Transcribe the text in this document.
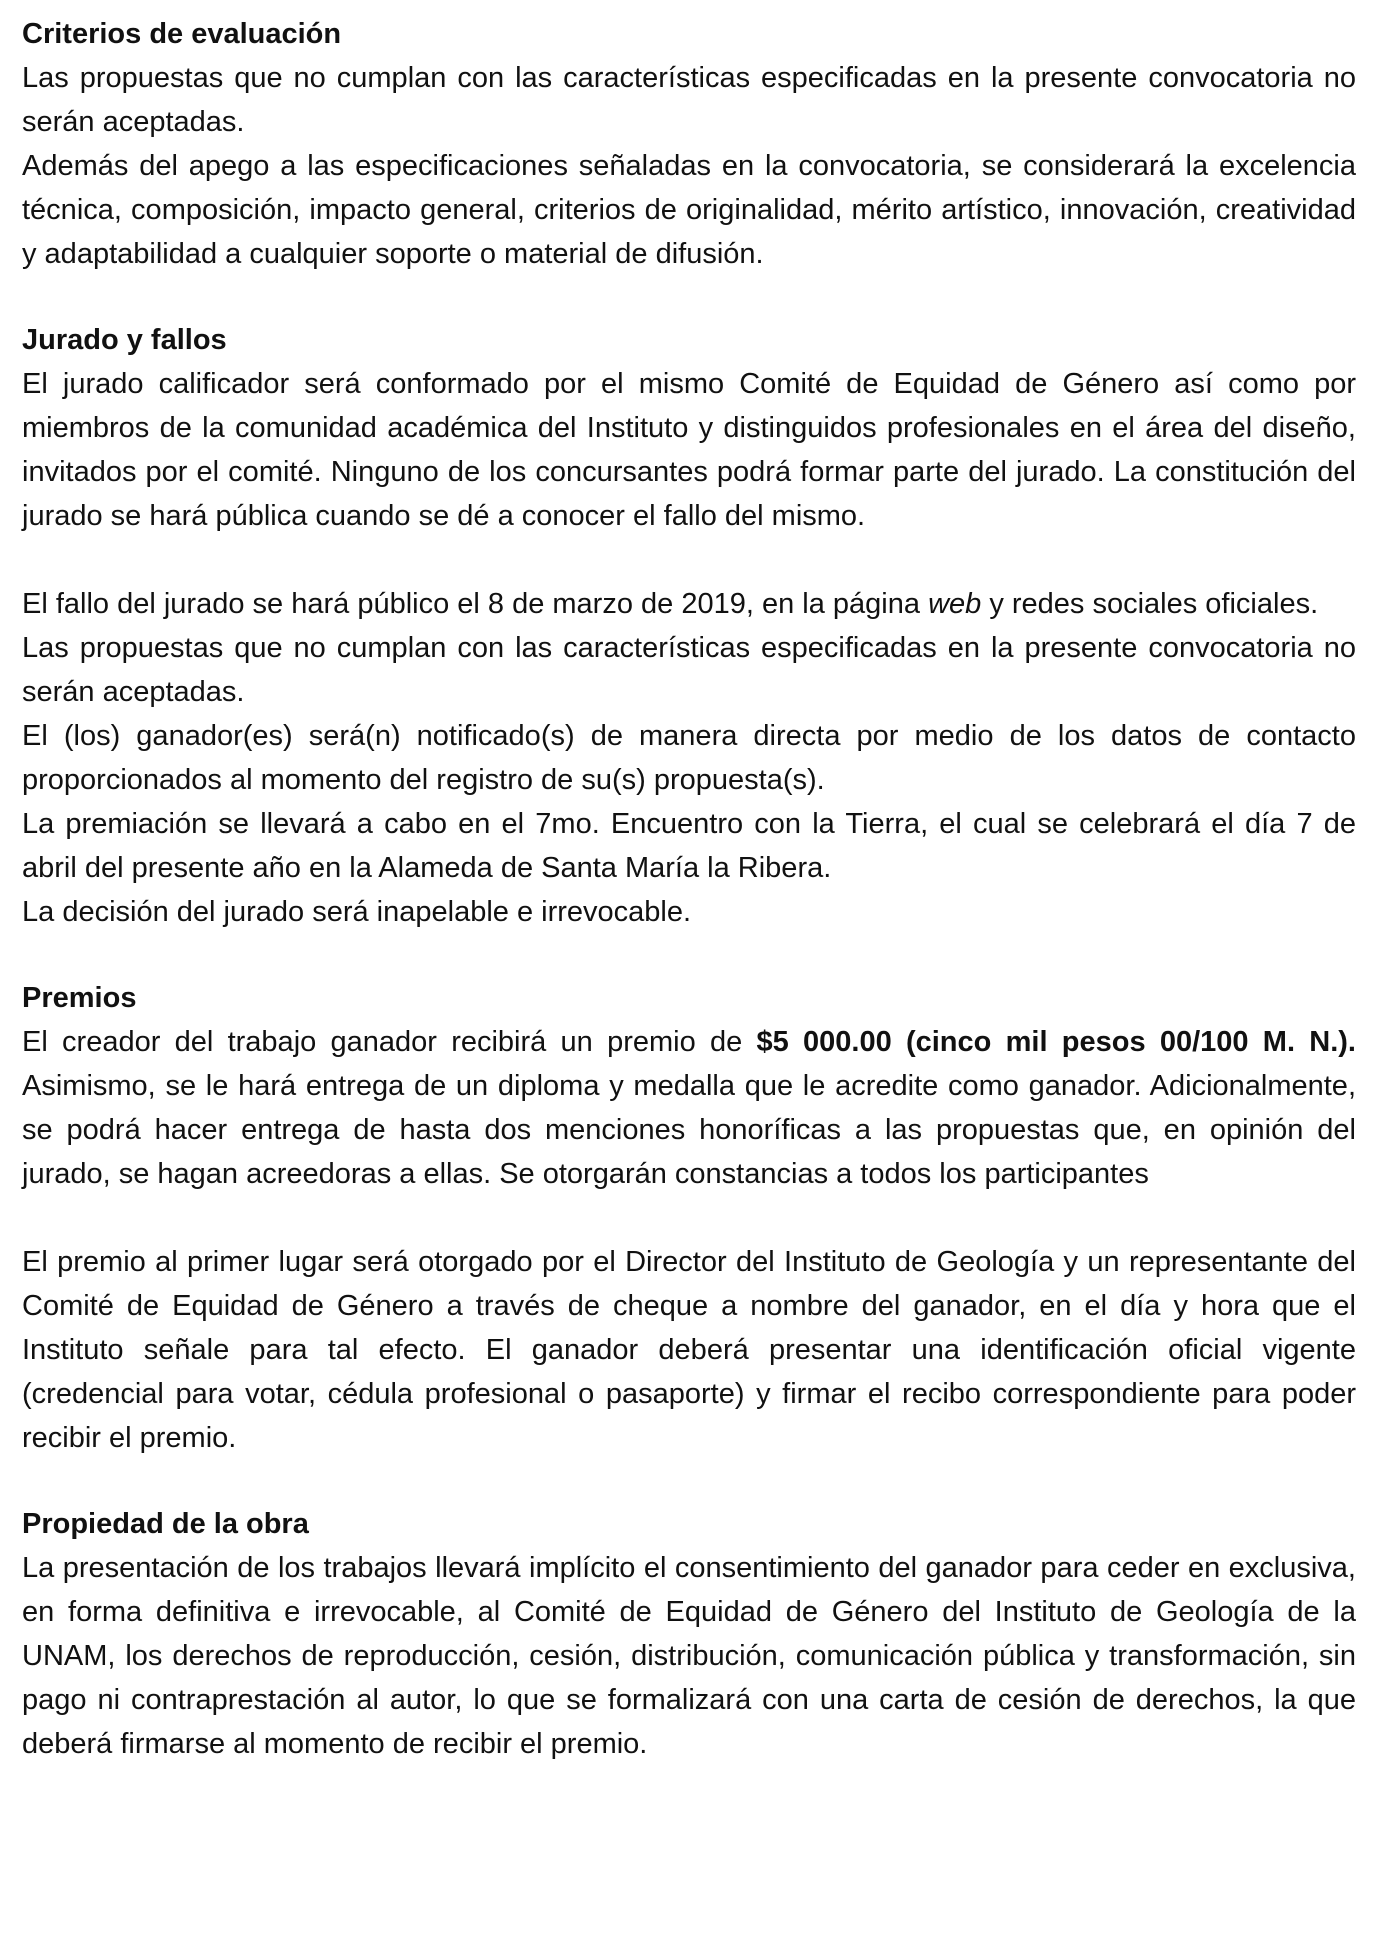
Criterios de evaluación

Las propuestas que no cumplan con las características especificadas en la presente convocatoria no serán aceptadas.

Además del apego a las especificaciones señaladas en la convocatoria, se considerará la excelencia técnica, composición, impacto general, criterios de originalidad, mérito artístico, innovación, creatividad y adaptabilidad a cualquier soporte o material de difusión.

Jurado y fallos

El jurado calificador será conformado por el mismo Comité de Equidad de Género así como por miembros de la comunidad académica del Instituto y distinguidos profesionales en el área del diseño, invitados por el comité. Ninguno de los concursantes podrá formar parte del jurado. La constitución del jurado se hará pública cuando se dé a conocer el fallo del mismo.

El fallo del jurado se hará público el 8 de marzo de 2019, en la página web y redes sociales oficiales.

Las propuestas que no cumplan con las características especificadas en la presente convocatoria no serán aceptadas.

El (los) ganador(es) será(n) notificado(s) de manera directa por medio de los datos de contacto proporcionados al momento del registro de su(s) propuesta(s).

La premiación se llevará a cabo en el 7mo. Encuentro con la Tierra, el cual se celebrará el día 7 de abril del presente año en la Alameda de Santa María la Ribera.

La decisión del jurado será inapelable e irrevocable.

Premios

El creador del trabajo ganador recibirá un premio de $5 000.00 (cinco mil pesos 00/100 M. N.). Asimismo, se le hará entrega de un diploma y medalla que le acredite como ganador. Adicionalmente, se podrá hacer entrega de hasta dos menciones honoríficas a las propuestas que, en opinión del jurado, se hagan acreedoras a ellas. Se otorgarán constancias a todos los participantes

El premio al primer lugar será otorgado por el Director del Instituto de Geología y un representante del Comité de Equidad de Género a través de cheque a nombre del ganador, en el día y hora que el Instituto señale para tal efecto. El ganador deberá presentar una identificación oficial vigente (credencial para votar, cédula profesional o pasaporte) y firmar el recibo correspondiente para poder recibir el premio.

Propiedad de la obra

La presentación de los trabajos llevará implícito el consentimiento del ganador para ceder en exclusiva, en forma definitiva e irrevocable, al Comité de Equidad de Género del Instituto de Geología de la UNAM, los derechos de reproducción, cesión, distribución, comunicación pública y transformación, sin pago ni contraprestación al autor, lo que se formalizará con una carta de cesión de derechos, la que deberá firmarse al momento de recibir el premio.
